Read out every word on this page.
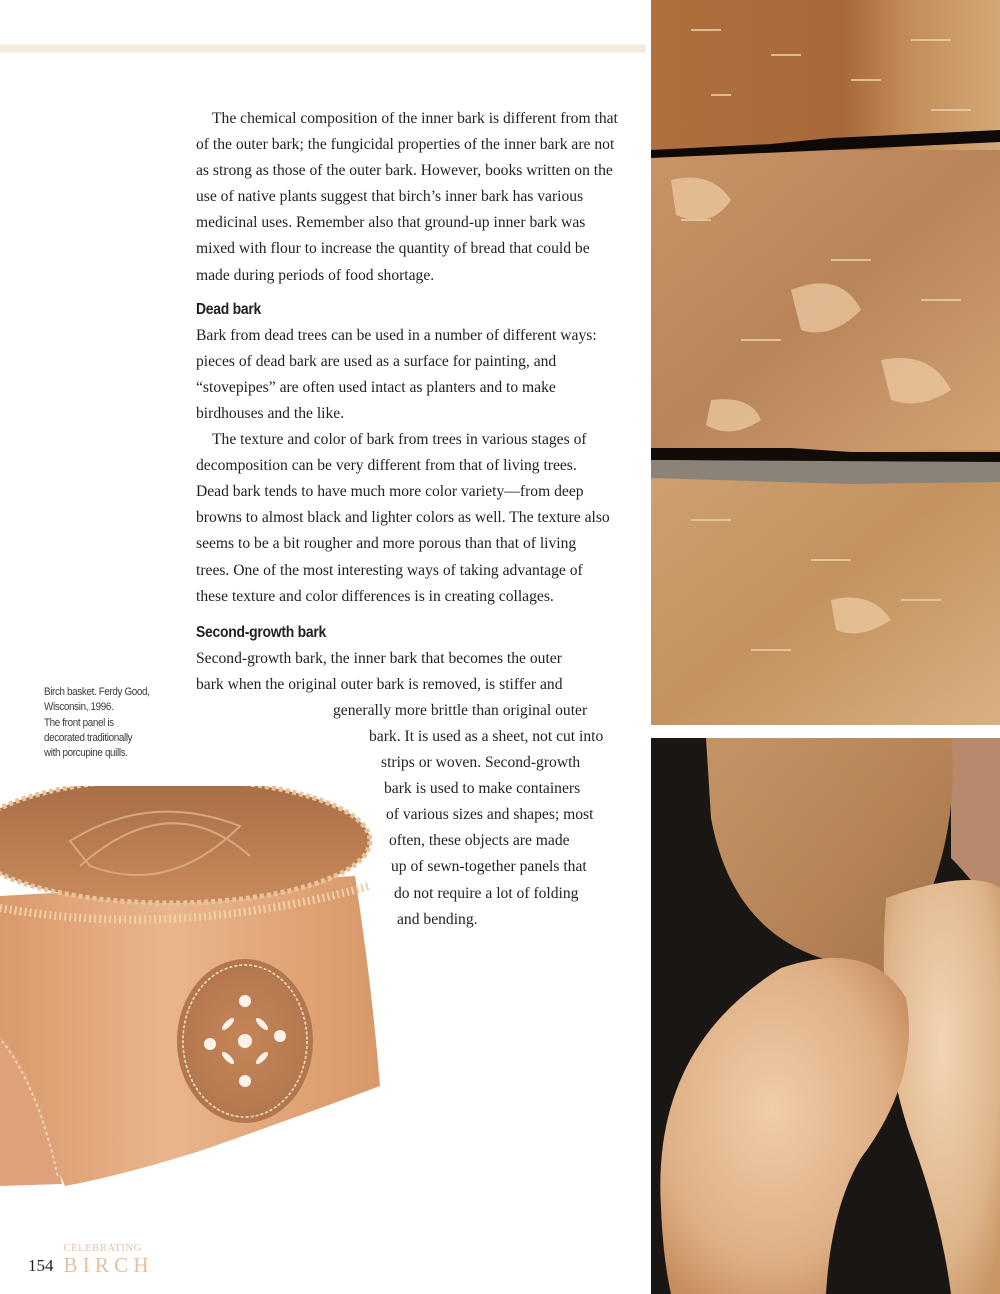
The chemical composition of the inner bark is different from that of the outer bark; the fungicidal properties of the inner bark are not as strong as those of the outer bark. However, books written on the use of native plants suggest that birch’s inner bark has various medicinal uses. Remember also that ground-up inner bark was mixed with flour to increase the quantity of bread that could be made during periods of food shortage.

Dead bark

Bark from dead trees can be used in a number of different ways: pieces of dead bark are used as a surface for painting, and “stovepipes” are often used intact as planters and to make birdhouses and the like.

The texture and color of bark from trees in various stages of decomposition can be very different from that of living trees. Dead bark tends to have much more color variety—from deep browns to almost black and lighter colors as well. The texture also seems to be a bit rougher and more porous than that of living trees. One of the most interesting ways of taking advantage of these texture and color differences is in creating collages.

Second-growth bark
Second-growth bark, the inner bark that becomes the outer
bark when the original outer bark is removed, is stiffer and
generally more brittle than original outer
bark. It is used as a sheet, not cut into
strips or woven. Second-growth
bark is used to make containers
of various sizes and shapes; most
often, these objects are made
up of sewn-together panels that
do not require a lot of folding
and bending.
Birch basket. Ferdy Good,
Wisconsin, 1996.
The front panel is
decorated traditionally
with porcupine quills.
154
CELEBRATING
BIRCH
